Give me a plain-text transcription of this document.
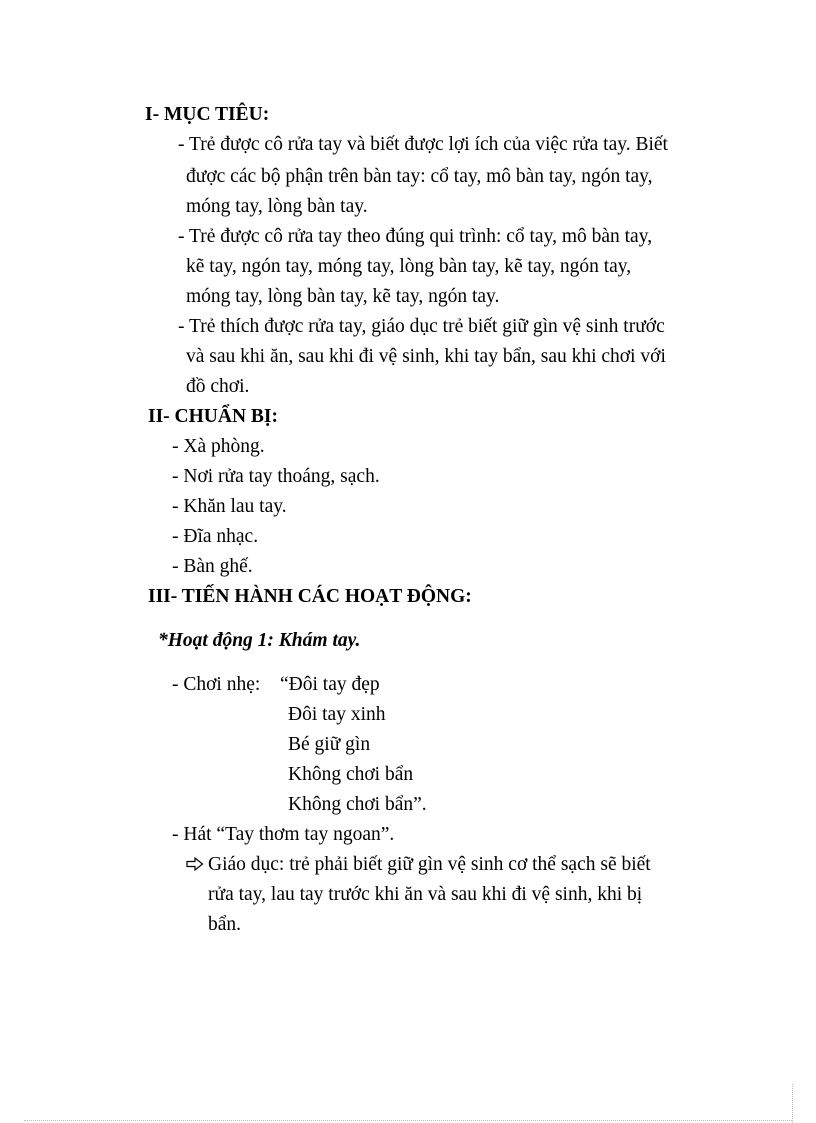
I- MỤC TIÊU:
- Trẻ được cô rửa tay và biết được lợi ích của việc rửa tay. Biết
được các bộ phận trên bàn tay: cổ tay, mô bàn tay, ngón tay,
móng tay, lòng bàn tay.
- Trẻ được cô rửa tay theo đúng qui trình: cổ tay, mô bàn tay,
kẽ tay, ngón tay, móng tay, lòng bàn tay, kẽ tay, ngón tay,
móng tay, lòng bàn tay, kẽ tay, ngón tay.
- Trẻ thích được rửa tay, giáo dục trẻ biết giữ gìn vệ sinh trước
và sau khi ăn, sau khi đi vệ sinh, khi tay bẩn, sau khi chơi với
đồ chơi.
II- CHUẨN BỊ:
- Xà phòng.
- Nơi rửa tay thoáng, sạch.
- Khăn lau tay.
- Đĩa nhạc.
- Bàn ghế.
III- TIẾN HÀNH CÁC HOẠT ĐỘNG:
*Hoạt động 1: Khám tay.
- Chơi nhẹ: “Đôi tay đẹp
Đôi tay xinh
Bé giữ gìn
Không chơi bẩn
Không chơi bẩn”.
- Hát “Tay thơm tay ngoan”.
Giáo dục: trẻ phải biết giữ gìn vệ sinh cơ thể sạch sẽ biết
rửa tay, lau tay trước khi ăn và sau khi đi vệ sinh, khi bị
bẩn.
